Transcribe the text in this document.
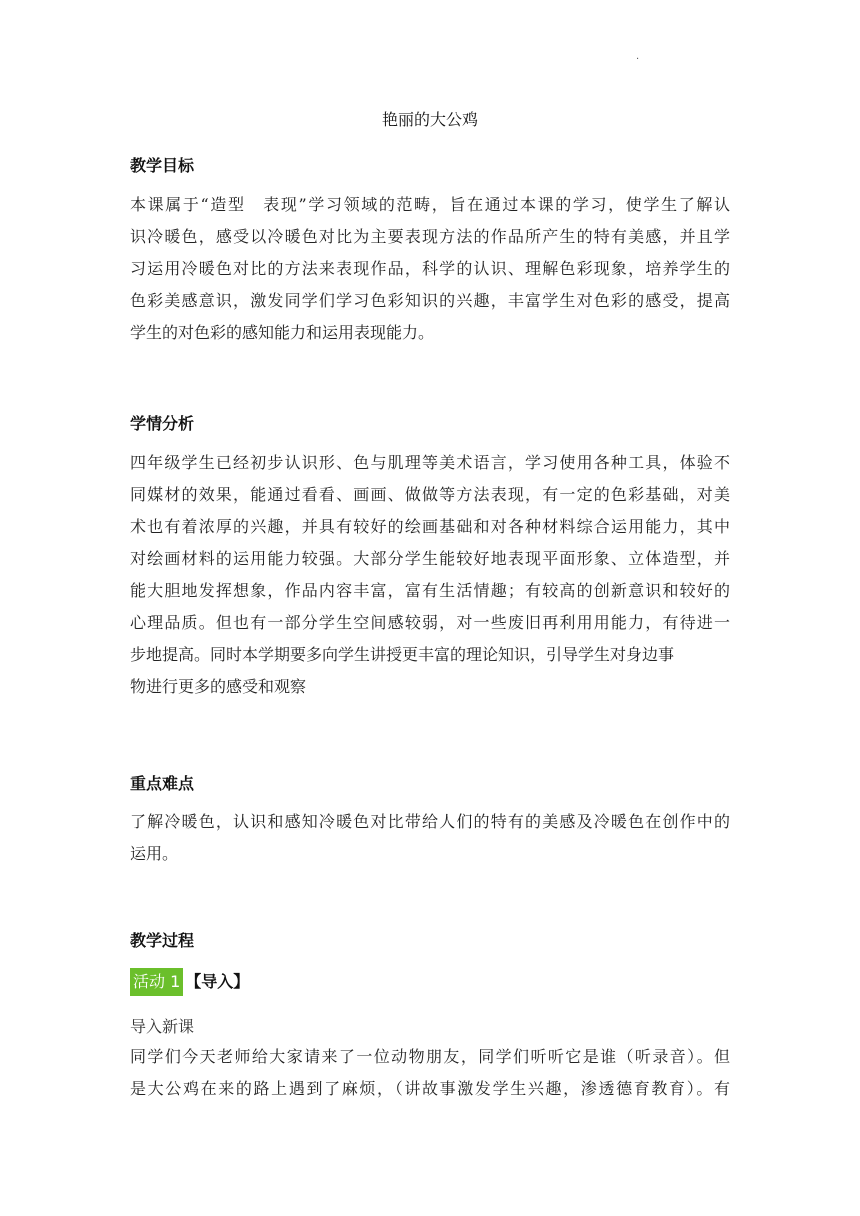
·
艳丽的大公鸡
教学目标
本课属于“造型　表现”学习领域的范畴，旨在通过本课的学习，使学生了解认
识冷暖色，感受以冷暖色对比为主要表现方法的作品所产生的特有美感，并且学
习运用冷暖色对比的方法来表现作品，科学的认识、理解色彩现象，培养学生的
色彩美感意识，激发同学们学习色彩知识的兴趣，丰富学生对色彩的感受，提高
学生的对色彩的感知能力和运用表现能力。
学情分析
四年级学生已经初步认识形、色与肌理等美术语言，学习使用各种工具，体验不
同媒材的效果，能通过看看、画画、做做等方法表现，有一定的色彩基础，对美
术也有着浓厚的兴趣，并具有较好的绘画基础和对各种材料综合运用能力，其中
对绘画材料的运用能力较强。大部分学生能较好地表现平面形象、立体造型，并
能大胆地发挥想象，作品内容丰富，富有生活情趣；有较高的创新意识和较好的
心理品质。但也有一部分学生空间感较弱，对一些废旧再利用用能力，有待进一
步地提高。同时本学期要多向学生讲授更丰富的理论知识，引导学生对身边事
物进行更多的感受和观察
重点难点
了解冷暖色，认识和感知冷暖色对比带给人们的特有的美感及冷暖色在创作中的
运用。
教学过程
活动 1 【导入】
导入新课
同学们今天老师给大家请来了一位动物朋友，同学们听听它是谁（听录音）。但
是大公鸡在来的路上遇到了麻烦，（讲故事激发学生兴趣，渗透德育教育）。有
